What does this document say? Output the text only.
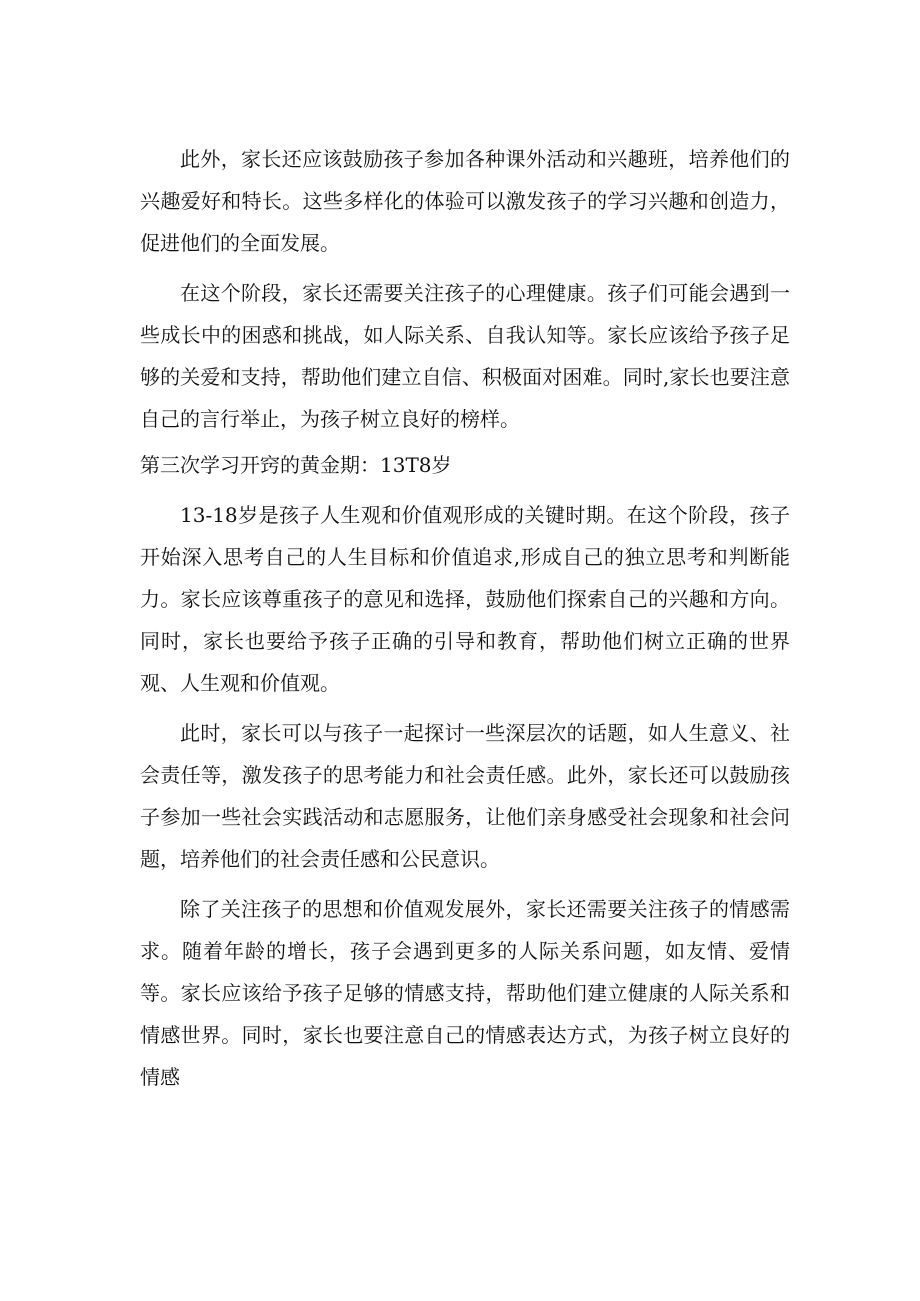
此外，家长还应该鼓励孩子参加各种课外活动和兴趣班，培养他们的兴趣爱好和特长。这些多样化的体验可以激发孩子的学习兴趣和创造力，促进他们的全面发展。

在这个阶段，家长还需要关注孩子的心理健康。孩子们可能会遇到一些成长中的困惑和挑战，如人际关系、自我认知等。家长应该给予孩子足够的关爱和支持，帮助他们建立自信、积极面对困难。同时,家长也要注意自己的言行举止，为孩子树立良好的榜样。

第三次学习开窍的黄金期：13T8岁

13-18岁是孩子人生观和价值观形成的关键时期。在这个阶段，孩子开始深入思考自己的人生目标和价值追求,形成自己的独立思考和判断能力。家长应该尊重孩子的意见和选择，鼓励他们探索自己的兴趣和方向。同时，家长也要给予孩子正确的引导和教育，帮助他们树立正确的世界观、人生观和价值观。

此时，家长可以与孩子一起探讨一些深层次的话题，如人生意义、社会责任等，激发孩子的思考能力和社会责任感。此外，家长还可以鼓励孩子参加一些社会实践活动和志愿服务，让他们亲身感受社会现象和社会问题，培养他们的社会责任感和公民意识。

除了关注孩子的思想和价值观发展外，家长还需要关注孩子的情感需求。随着年龄的增长，孩子会遇到更多的人际关系问题，如友情、爱情等。家长应该给予孩子足够的情感支持，帮助他们建立健康的人际关系和情感世界。同时，家长也要注意自己的情感表达方式，为孩子树立良好的情感
